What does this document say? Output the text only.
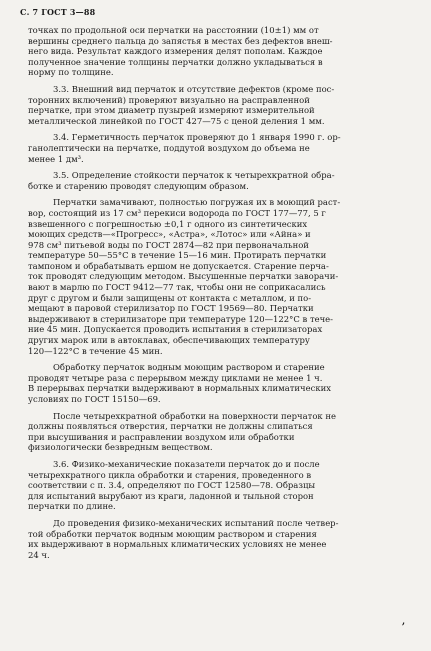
С. 7 ГОСТ 3—88
точках по продольной оси перчатки на расстоянии (10±1) мм от
вершины среднего пальца до запястья в местах без дефектов внеш-
него вида. Результат каждого измерения делят пополам. Каждое
полученное значение толщины перчатки должно укладываться в
норму по толщине.
3.3. Внешний вид перчаток и отсутствие дефектов (кроме пос-
торонних включений) проверяют визуально на расправленной
перчатке, при этом диаметр пузырей измеряют измерительной
металлической линейкой по ГОСТ 427—75 с ценой деления 1 мм.
3.4. Герметичность перчаток проверяют до 1 января 1990 г. ор-
ганолептически на перчатке, поддутой воздухом до объема не
менее 1 дм³.
3.5. Определение стойкости перчаток к четырехкратной обра-
ботке и старению проводят следующим образом.
Перчатки замачивают, полностью погружая их в моющий раст-
вор, состоящий из 17 см³ перекиси водорода по ГОСТ 177—77, 5 г
взвешенного с погрешностью ±0,1 г одного из синтетических
моющих средств—«Прогресс», «Астра», «Лотос» или «Айна» и
978 см³ питьевой воды по ГОСТ 2874—82 при первоначальной
температуре 50—55°С в течение 15—16 мин. Протирать перчатки
тампоном и обрабатывать ершом не допускается. Старение перча-
ток проводят следующим методом. Высушенные перчатки заворачи-
вают в марлю по ГОСТ 9412—77 так, чтобы они не соприкасались
друг с другом и были защищены от контакта с металлом, и по-
мещают в паровой стерилизатор по ГОСТ 19569—80. Перчатки
выдерживают в стерилизаторе при температуре 120—122°С в тече-
ние 45 мин. Допускается проводить испытания в стерилизаторах
других марок или в автоклавах, обеспечивающих температуру
120—122°С в течение 45 мин.
Обработку перчаток водным моющим раствором и старение
проводят четыре раза с перерывом между циклами не менее 1 ч.
В перерывах перчатки выдерживают в нормальных климатических
условиях по ГОСТ 15150—69.
После четырехкратной обработки на поверхности перчаток не
должны появляться отверстия, перчатки не должны слипаться
при высушивания и расправлении воздухом или обработки
физиологически безвредным веществом.
3.6. Физико-механические показатели перчаток до и после
четырехкратного цикла обработки и старения, проведенного в
соответствии с п. 3.4, определяют по ГОСТ 12580—78. Образцы
для испытаний вырубают из краги, ладонной и тыльной сторон
перчатки по длине.
До проведения физико-механических испытаний после четвер-
той обработки перчаток водным моющим раствором и старения
их выдерживают в нормальных климатических условиях не менее
24 ч.
,
